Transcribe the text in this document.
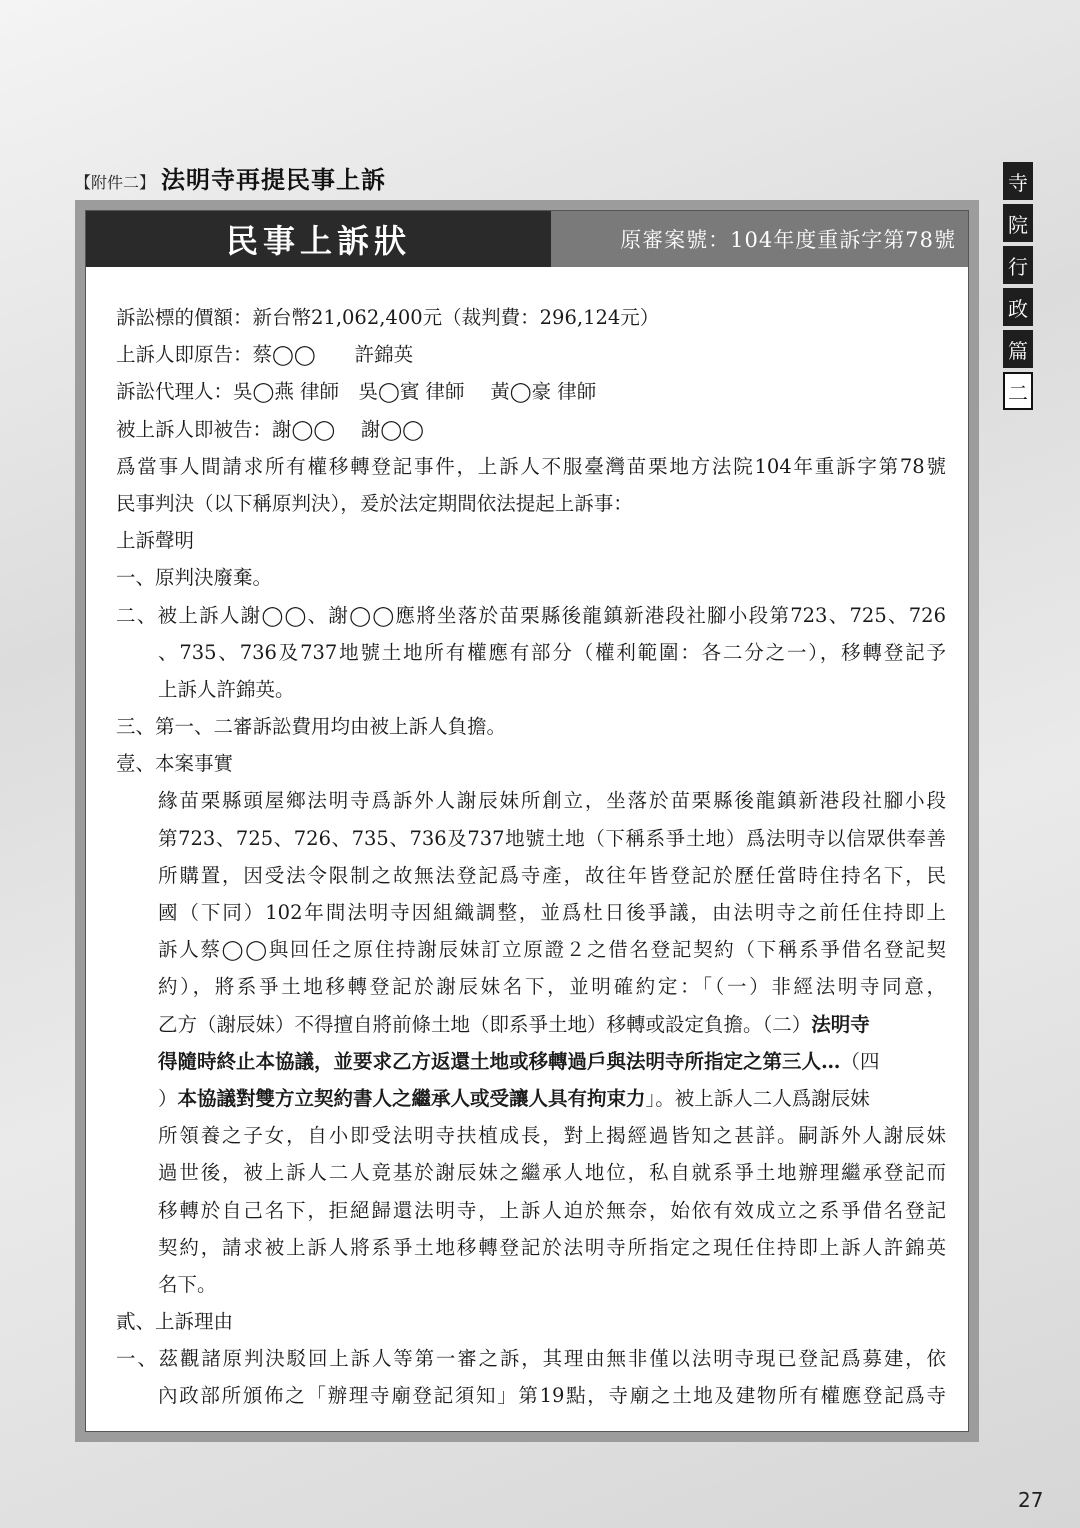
【附件二】 法明寺再提民事上訴	寺
院
行
政
篇
二
民事上訴狀	原審案號：104年度重訴字第78號
訴訟標的價額：新台幣21,062,400元（裁判費：296,124元）
上訴人即原告：蔡◯◯　　許錦英
訴訟代理人：吳◯燕 律師　吳◯賓 律師　 黃◯豪 律師
被上訴人即被告：謝◯◯　 謝◯◯
爲當事人間請求所有權移轉登記事件，上訴人不服臺灣苗栗地方法院104年重訴字第78號
民事判決（以下稱原判決），爰於法定期間依法提起上訴事：
上訴聲明
一、原判決廢棄。
二、被上訴人謝◯◯、謝◯◯應將坐落於苗栗縣後龍鎮新港段社腳小段第723、725、726
、735、736及737地號土地所有權應有部分（權利範圍：各二分之一），移轉登記予
上訴人許錦英。
三、第一、二審訴訟費用均由被上訴人負擔。
壹、本案事實
緣苗栗縣頭屋鄉法明寺爲訴外人謝辰妹所創立，坐落於苗栗縣後龍鎮新港段社腳小段
第723、725、726、735、736及737地號土地（下稱系爭土地）爲法明寺以信眾供奉善
所購置，因受法令限制之故無法登記爲寺產，故往年皆登記於歷任當時住持名下，民
國（下同）102年間法明寺因組織調整，並爲杜日後爭議，由法明寺之前任住持即上
訴人蔡◯◯與回任之原住持謝辰妹訂立原證２之借名登記契約（下稱系爭借名登記契
約），將系爭土地移轉登記於謝辰妹名下，並明確約定：「（一）非經法明寺同意，
乙方（謝辰妹）不得擅自將前條土地（即系爭土地）移轉或設定負擔。（二）法明寺
得隨時終止本協議，並要求乙方返還土地或移轉過戶與法明寺所指定之第三人…（四
）本協議對雙方立契約書人之繼承人或受讓人具有拘束力」。被上訴人二人爲謝辰妹
所領養之子女，自小即受法明寺扶植成長，對上揭經過皆知之甚詳。嗣訴外人謝辰妹
過世後，被上訴人二人竟基於謝辰妹之繼承人地位，私自就系爭土地辦理繼承登記而
移轉於自己名下，拒絕歸還法明寺，上訴人迫於無奈，始依有效成立之系爭借名登記
契約，請求被上訴人將系爭土地移轉登記於法明寺所指定之現任住持即上訴人許錦英
名下。
貳、上訴理由
一、茲觀諸原判決駁回上訴人等第一審之訴，其理由無非僅以法明寺現已登記爲募建，依
內政部所頒佈之「辦理寺廟登記須知」第19點，寺廟之土地及建物所有權應登記爲寺
27
